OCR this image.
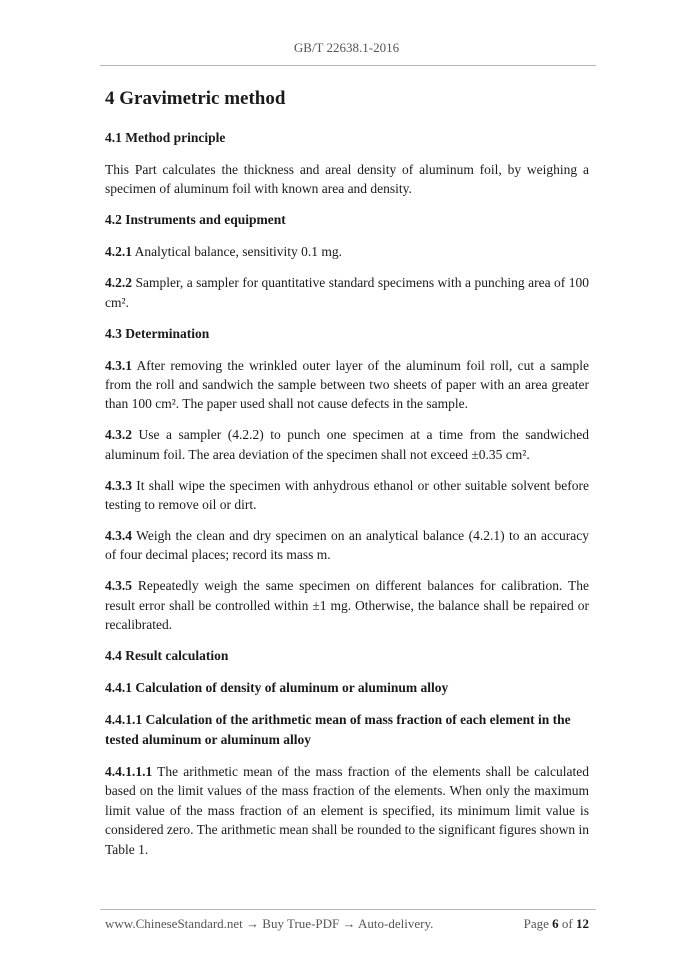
GB/T 22638.1-2016
4 Gravimetric method
4.1 Method principle

This Part calculates the thickness and areal density of aluminum foil, by weighing a specimen of aluminum foil with known area and density.

4.2 Instruments and equipment

4.2.1 Analytical balance, sensitivity 0.1 mg.

4.2.2 Sampler, a sampler for quantitative standard specimens with a punching area of 100 cm².

4.3 Determination

4.3.1 After removing the wrinkled outer layer of the aluminum foil roll, cut a sample from the roll and sandwich the sample between two sheets of paper with an area greater than 100 cm². The paper used shall not cause defects in the sample.

4.3.2 Use a sampler (4.2.2) to punch one specimen at a time from the sandwiched aluminum foil. The area deviation of the specimen shall not exceed ±0.35 cm².

4.3.3 It shall wipe the specimen with anhydrous ethanol or other suitable solvent before testing to remove oil or dirt.

4.3.4 Weigh the clean and dry specimen on an analytical balance (4.2.1) to an accuracy of four decimal places; record its mass m.

4.3.5 Repeatedly weigh the same specimen on different balances for calibration. The result error shall be controlled within ±1 mg. Otherwise, the balance shall be repaired or recalibrated.

4.4 Result calculation
4.4.1 Calculation of density of aluminum or aluminum alloy
4.4.1.1 Calculation of the arithmetic mean of mass fraction of each element in the tested aluminum or aluminum alloy

4.4.1.1.1 The arithmetic mean of the mass fraction of the elements shall be calculated based on the limit values of the mass fraction of the elements. When only the maximum limit value of the mass fraction of an element is specified, its minimum limit value is considered zero. The arithmetic mean shall be rounded to the significant figures shown in Table 1.

www.ChineseStandard.net → Buy True-PDF → Auto-delivery.	Page 6 of 12
